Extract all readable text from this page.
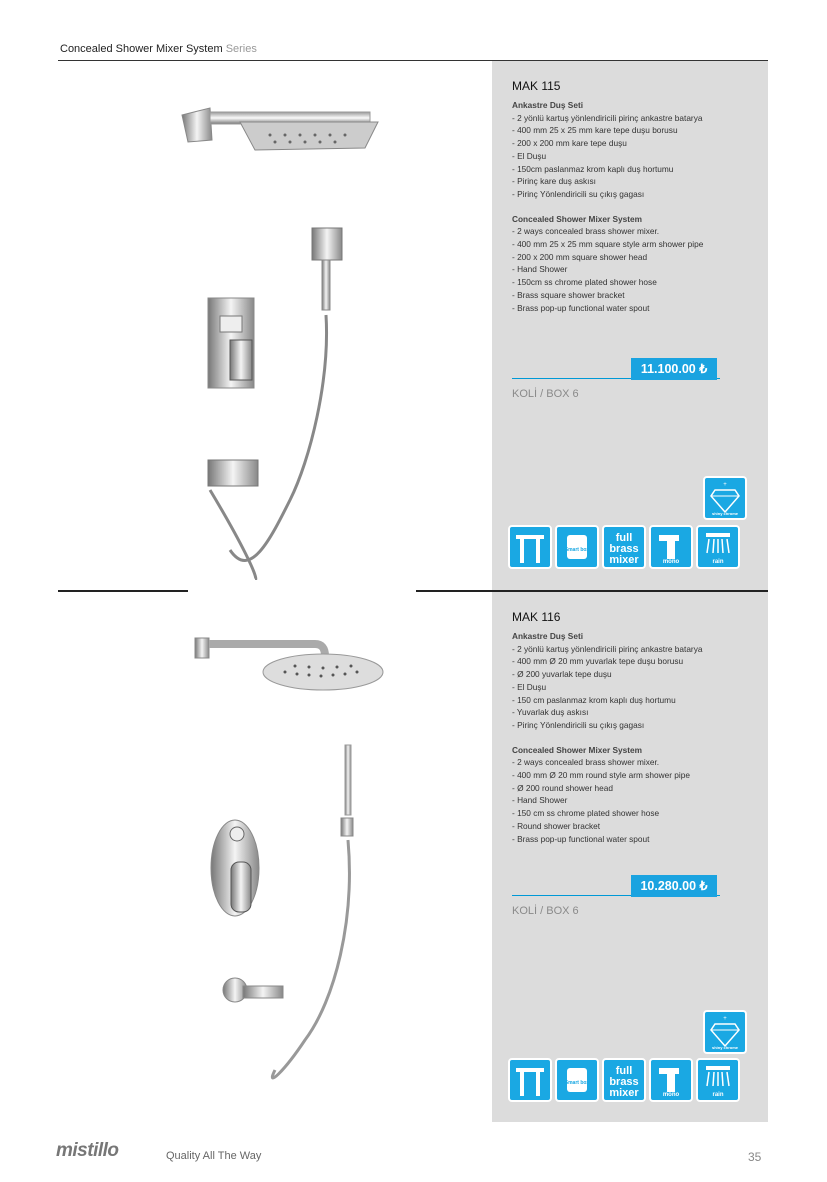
Concealed Shower Mixer System Series
MAK 115
Ankastre Duş Seti
- 2 yönlü kartuş yönlendiricili pirinç ankastre batarya
- 400 mm 25 x 25 mm kare tepe duşu borusu
- 200 x 200 mm kare tepe duşu
- El Duşu
- 150cm paslanmaz krom kaplı duş hortumu
- Pirinç kare duş askısı
- Pirinç Yönlendiricili su çıkış gagası
Concealed Shower Mixer System
- 2 ways concealed brass shower mixer.
- 400 mm 25 x 25 mm square style arm shower pipe
- 200 x 200 mm square shower head
- Hand Shower
- 150cm ss chrome plated shower hose
- Brass square shower bracket
- Brass pop-up functional water spout
11.100.00 ₺
KOLİ / BOX 6
+
shiny chrome
Smart box
full
brass
mixer	mono	rain
MAK 116
Ankastre Duş Seti
- 2 yönlü kartuş yönlendiricili pirinç ankastre batarya
- 400 mm Ø 20 mm yuvarlak tepe duşu borusu
- Ø 200 yuvarlak tepe duşu
- El Duşu
- 150 cm paslanmaz krom kaplı duş hortumu
- Yuvarlak duş askısı
- Pirinç Yönlendiricili su çıkış gagası
Concealed Shower Mixer System
- 2 ways concealed brass shower mixer.
- 400 mm Ø 20 mm round style arm shower pipe
- Ø 200 round shower head
- Hand Shower
- 150 cm ss chrome plated shower hose
- Round shower bracket
- Brass pop-up functional water spout
10.280.00 ₺
KOLİ / BOX 6
+
shiny chrome
Smart box
full
brass
mixer	mono	rain
mistillo	Quality All The Way	35
